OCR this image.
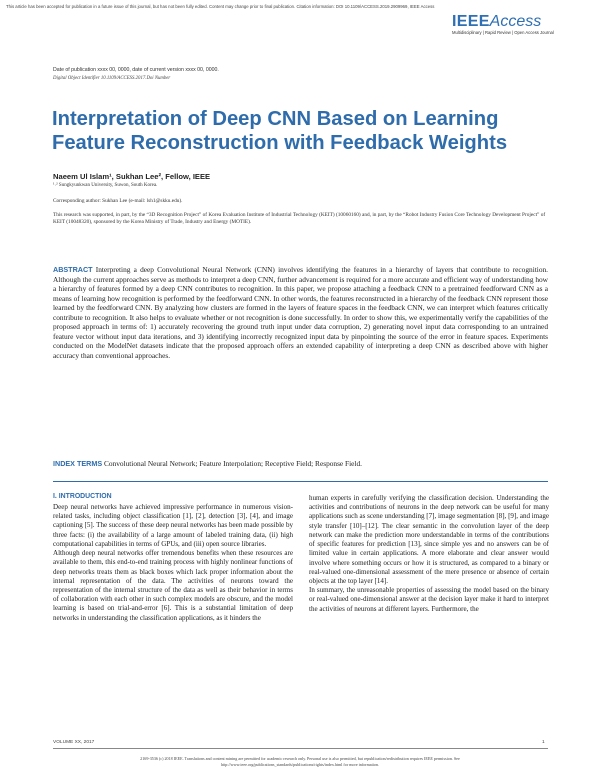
This article has been accepted for publication in a future issue of this journal, but has not been fully edited. Content may change prior to final publication. Citation information: DOI 10.1109/ACCESS.2019.2909969, IEEE Access
IEEEAccess
Multidisciplinary | Rapid Review | Open Access Journal
Date of publication xxxx 00, 0000, date of current version xxxx 00, 0000.
Digital Object Identifier 10.1109/ACCESS.2017.Doi Number
Interpretation of Deep CNN Based on Learning Feature Reconstruction with Feedback Weights
Naeem Ul Islam¹, Sukhan Lee², Fellow, IEEE
¹˒² Sungkyunkwan University, Suwon, South Korea.
Corresponding author: Sukhan Lee (e-mail: lsh1@skku.edu).
This research was supported, in part, by the “3D Recognition Project” of Korea Evaluation Institute of Industrial Technology (KEIT) (10060160) and, in part, by the “Robot Industry Fusion Core Technology Development Project” of KEIT (10048320), sponsored by the Korea Ministry of Trade, Industry and Energy (MOTIE).
ABSTRACT Interpreting a deep Convolutional Neural Network (CNN) involves identifying the features in a hierarchy of layers that contribute to recognition. Although the current approaches serve as methods to interpret a deep CNN, further advancement is required for a more accurate and efficient way of understanding how a hierarchy of features formed by a deep CNN contributes to recognition. In this paper, we propose attaching a feedback CNN to a pretrained feedforward CNN as a means of learning how recognition is performed by the feedforward CNN. In other words, the features reconstructed in a hierarchy of the feedback CNN represent those learned by the feedforward CNN. By analyzing how clusters are formed in the layers of feature spaces in the feedback CNN, we can interpret which features critically contribute to recognition. It also helps to evaluate whether or not recognition is done successfully. In order to show this, we experimentally verify the capabilities of the proposed approach in terms of: 1) accurately recovering the ground truth input under data corruption, 2) generating novel input data corresponding to an untrained feature vector without input data iterations, and 3) identifying incorrectly recognized input data by pinpointing the source of the error in feature spaces. Experiments conducted on the ModelNet datasets indicate that the proposed approach offers an extended capability of interpreting a deep CNN as described above with higher accuracy than conventional approaches.
INDEX TERMS Convolutional Neural Network; Feature Interpolation; Receptive Field; Response Field.
I. INTRODUCTION

Deep neural networks have achieved impressive performance in numerous vision-related tasks, including object classification [1], [2], detection [3], [4], and image captioning [5]. The success of these deep neural networks has been made possible by three facts: (i) the availability of a large amount of labeled training data, (ii) high computational capabilities in terms of GPUs, and (iii) open source libraries.

Although deep neural networks offer tremendous benefits when these resources are available to them, this end-to-end training process with highly nonlinear functions of deep networks treats them as black boxes which lack proper information about the internal representation of the data. The activities of neurons toward the representation of the internal structure of the data as well as their behavior in terms of collaboration with each other in such complex models are obscure, and the model learning is based on trial-and-error [6]. This is a substantial limitation of deep networks in understanding the classification applications, as it hinders the

human experts in carefully verifying the classification decision. Understanding the activities and contributions of neurons in the deep network can be useful for many applications such as scene understanding [7], image segmentation [8], [9], and image style transfer [10]–[12]. The clear semantic in the convolution layer of the deep network can make the prediction more understandable in terms of the contributions of specific features for prediction [13], since simple yes and no answers can be of limited value in certain applications. A more elaborate and clear answer would involve where something occurs or how it is structured, as compared to a binary or real-valued one-dimensional assessment of the mere presence or absence of certain objects at the top layer [14].

In summary, the unreasonable properties of assessing the model based on the binary or real-valued one-dimensional answer at the decision layer make it hard to interpret the activities of neurons at different layers. Furthermore, the

VOLUME XX, 2017	1
2169-3536 (c) 2018 IEEE. Translations and content mining are permitted for academic research only. Personal use is also permitted, but republication/redistribution requires IEEE permission. See
http://www.ieee.org/publications_standards/publications/rights/index.html for more information.
